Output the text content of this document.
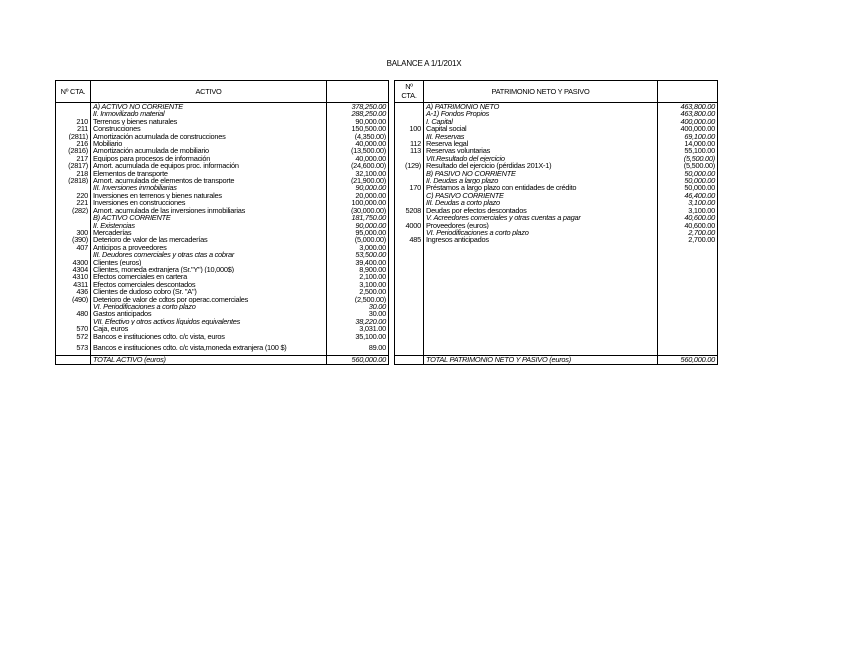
BALANCE A 1/1/201X
Nº CTA.	ACTIVO			Nº CTA.	PATRIMONIO NETO Y PASIVO	
	A) ACTIVO NO CORRIENTE	378,250.00			A) PATRIMONIO NETO	463,800.00
	II. Inmovilizado material	288,250.00			A-1) Fondos Propios	463,800.00
210	Terrenos y bienes naturales	90,000.00			I. Capital	400,000.00
211	Construcciones	150,500.00		100	Capital social	400,000.00
(2811)	Amortización acumulada de construcciones	(4,350.00)			III. Reservas	69,100.00
216	Mobiliario	40,000.00		112	Reserva legal	14,000.00
(2816)	Amortización acumulada de mobiliario	(13,500.00)		113	Reservas voluntarias	55,100.00
217	Equipos para procesos de información	40,000.00			VII.Resultado del ejercicio	(5,500.00)
(2817)	Amort. acumulada de equipos proc. información	(24,600.00)		(129)	Resultado del ejercicio (pérdidas 201X-1)	(5,500.00)
218	Elementos de transporte	32,100.00			B) PASIVO NO CORRIENTE	50,000.00
(2818)	Amort. acumulada de elementos de transporte	(21,900.00)			II. Deudas a largo plazo	50,000.00
	III. Inversiones inmobiliarias	90,000.00		170	Préstamos a largo plazo con entidades de crédito	50,000.00
220	Inversiones en terrenos y bienes naturales	20,000.00			C) PASIVO CORRIENTE	46,400.00
221	Inversiones en construcciones	100,000.00			III. Deudas a corto plazo	3,100.00
(282)	Amort. acumulada de las inversiones inmobiliarias	(30,000.00)		5208	Deudas por efectos descontados	3,100.00
	B) ACTIVO CORRIENTE	181,750.00			V. Acreedores comerciales y otras cuentas a pagar	40,600.00
	II. Existencias	90,000.00		4000	Proveedores (euros)	40,600.00
300	Mercaderías	95,000.00			VI. Periodificaciones a corto plazo	2,700.00
(390)	Deterioro de valor de las mercaderías	(5,000.00)		485	Ingresos anticipados	2,700.00
407	Anticipos a proveedores	3,000.00				
	III. Deudores comerciales y otras ctas a cobrar	53,500.00				
4300	Clientes (euros)	39,400.00				
4304	Clientes, moneda extranjera (Sr."Y") (10,000$)	8,900.00				
4310	Efectos comerciales en cartera	2,100.00				
4311	Efectos comerciales descontados	3,100.00				
436	Clientes de dudoso cobro (Sr. "A")	2,500.00				
(490)	Deterioro de valor de cdtos por operac.comerciales	(2,500.00)				
	VI. Periodificaciones a corto plazo	30.00				
480	Gastos anticipados	30.00				
	VII. Efectivo y otros activos líquidos equivalentes	38,220.00				
570	Caja, euros	3,031.00				
572	Bancos e instituciones cdto. c/c vista, euros	35,100.00				
573	Bancos e instituciones cdto. c/c vista,moneda extranjera (100 $)	89.00				
	TOTAL ACTIVO (euros)	560,000.00			TOTAL PATRIMONIO NETO Y PASIVO (euros)	560,000.00
